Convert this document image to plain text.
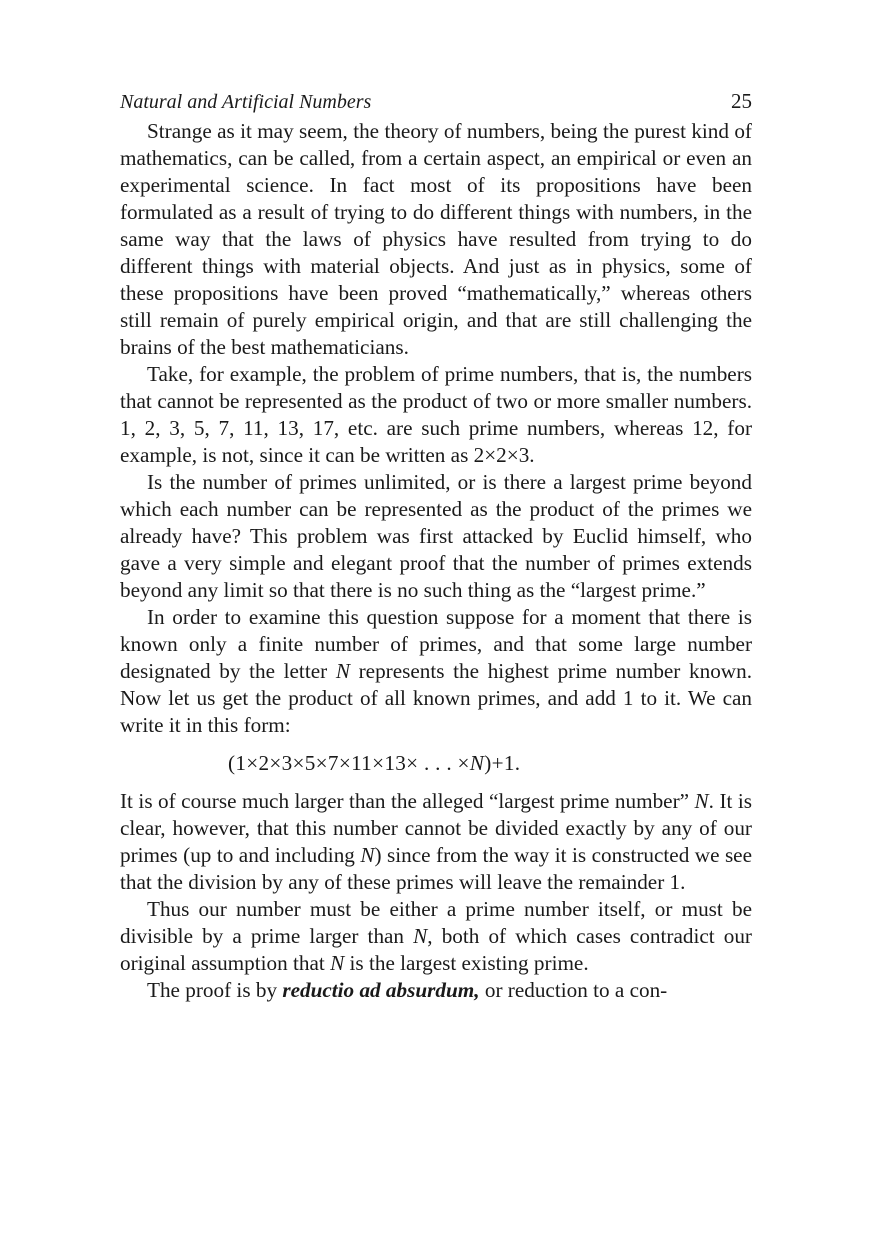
Natural and Artificial Numbers	25

Strange as it may seem, the theory of numbers, being the purest kind of mathematics, can be called, from a certain aspect, an empirical or even an experimental science. In fact most of its propositions have been formulated as a result of trying to do different things with numbers, in the same way that the laws of physics have resulted from trying to do different things with material objects. And just as in physics, some of these propositions have been proved “mathematically,” whereas others still remain of purely empirical origin, and that are still challenging the brains of the best mathematicians.

Take, for example, the problem of prime numbers, that is, the numbers that cannot be represented as the product of two or more smaller numbers. 1, 2, 3, 5, 7, 11, 13, 17, etc. are such prime numbers, whereas 12, for example, is not, since it can be written as 2×2×3.

Is the number of primes unlimited, or is there a largest prime beyond which each number can be represented as the product of the primes we already have? This problem was first attacked by Euclid himself, who gave a very simple and elegant proof that the number of primes extends beyond any limit so that there is no such thing as the “largest prime.”

In order to examine this question suppose for a moment that there is known only a finite number of primes, and that some large number designated by the letter N represents the highest prime number known. Now let us get the product of all known primes, and add 1 to it. We can write it in this form:

(1×2×3×5×7×11×13× . . . ×N)+1.

It is of course much larger than the alleged “largest prime number” N. It is clear, however, that this number cannot be divided exactly by any of our primes (up to and including N) since from the way it is constructed we see that the division by any of these primes will leave the remainder 1.

Thus our number must be either a prime number itself, or must be divisible by a prime larger than N, both of which cases contradict our original assumption that N is the largest existing prime.

The proof is by reductio ad absurdum, or reduction to a con-
